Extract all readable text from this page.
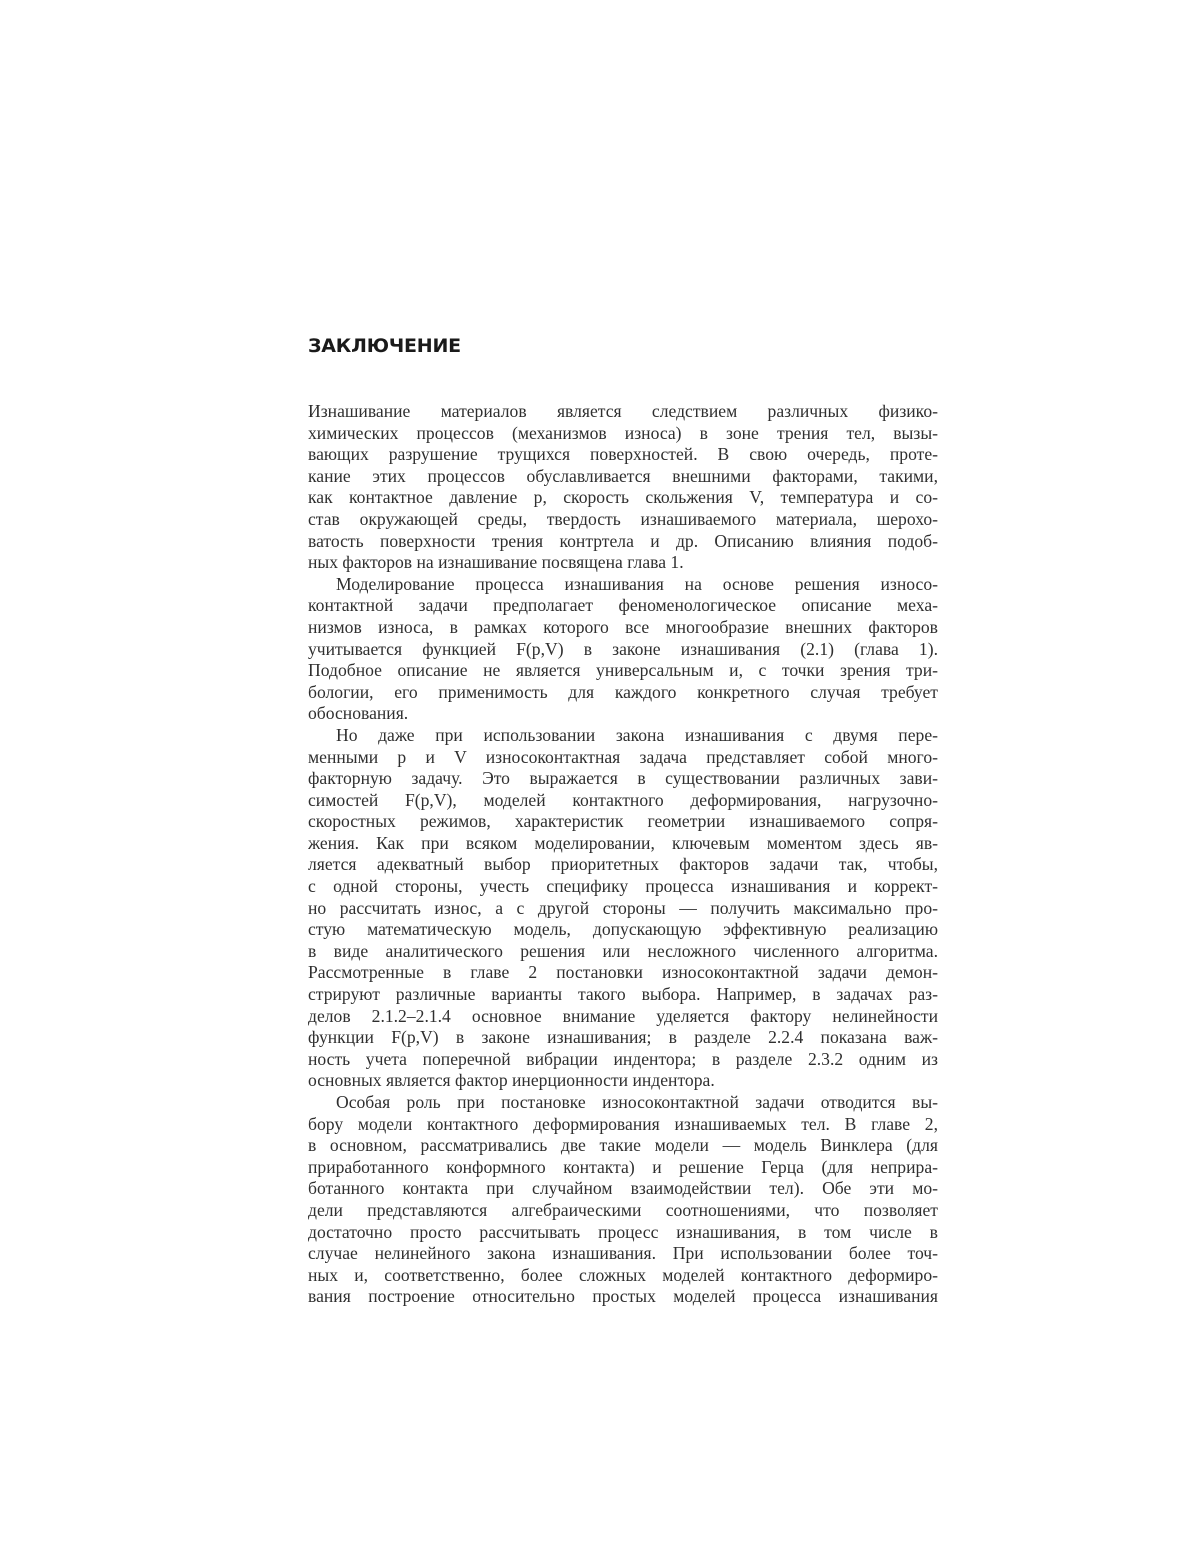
ЗАКЛЮЧЕНИЕ
Изнашивание материалов является следствием различных физико-
химических процессов (механизмов износа) в зоне трения тел, вызы-
вающих разрушение трущихся поверхностей. В свою очередь, проте-
кание этих процессов обуславливается внешними факторами, такими,
как контактное давление p, скорость скольжения V, температура и со-
став окружающей среды, твердость изнашиваемого материала, шерохо-
ватость поверхности трения контртела и др. Описанию влияния подоб-
ных факторов на изнашивание посвящена глава 1.
Моделирование процесса изнашивания на основе решения износо-
контактной задачи предполагает феноменологическое описание меха-
низмов износа, в рамках которого все многообразие внешних факторов
учитывается функцией F(p,V) в законе изнашивания (2.1) (глава 1).
Подобное описание не является универсальным и, с точки зрения три-
бологии, его применимость для каждого конкретного случая требует
обоснования.
Но даже при использовании закона изнашивания с двумя пере-
менными p и V износоконтактная задача представляет собой много-
факторную задачу. Это выражается в существовании различных зави-
симостей F(p,V), моделей контактного деформирования, нагрузочно-
скоростных режимов, характеристик геометрии изнашиваемого сопря-
жения. Как при всяком моделировании, ключевым моментом здесь яв-
ляется адекватный выбор приоритетных факторов задачи так, чтобы,
с одной стороны, учесть специфику процесса изнашивания и коррект-
но рассчитать износ, а с другой стороны — получить максимально про-
стую математическую модель, допускающую эффективную реализацию
в виде аналитического решения или несложного численного алгоритма.
Рассмотренные в главе 2 постановки износоконтактной задачи демон-
стрируют различные варианты такого выбора. Например, в задачах раз-
делов 2.1.2–2.1.4 основное внимание уделяется фактору нелинейности
функции F(p,V) в законе изнашивания; в разделе 2.2.4 показана важ-
ность учета поперечной вибрации индентора; в разделе 2.3.2 одним из
основных является фактор инерционности индентора.
Особая роль при постановке износоконтактной задачи отводится вы-
бору модели контактного деформирования изнашиваемых тел. В главе 2,
в основном, рассматривались две такие модели — модель Винклера (для
приработанного конформного контакта) и решение Герца (для неприра-
ботанного контакта при случайном взаимодействии тел). Обе эти мо-
дели представляются алгебраическими соотношениями, что позволяет
достаточно просто рассчитывать процесс изнашивания, в том числе в
случае нелинейного закона изнашивания. При использовании более точ-
ных и, соответственно, более сложных моделей контактного деформиро-
вания построение относительно простых моделей процесса изнашивания
